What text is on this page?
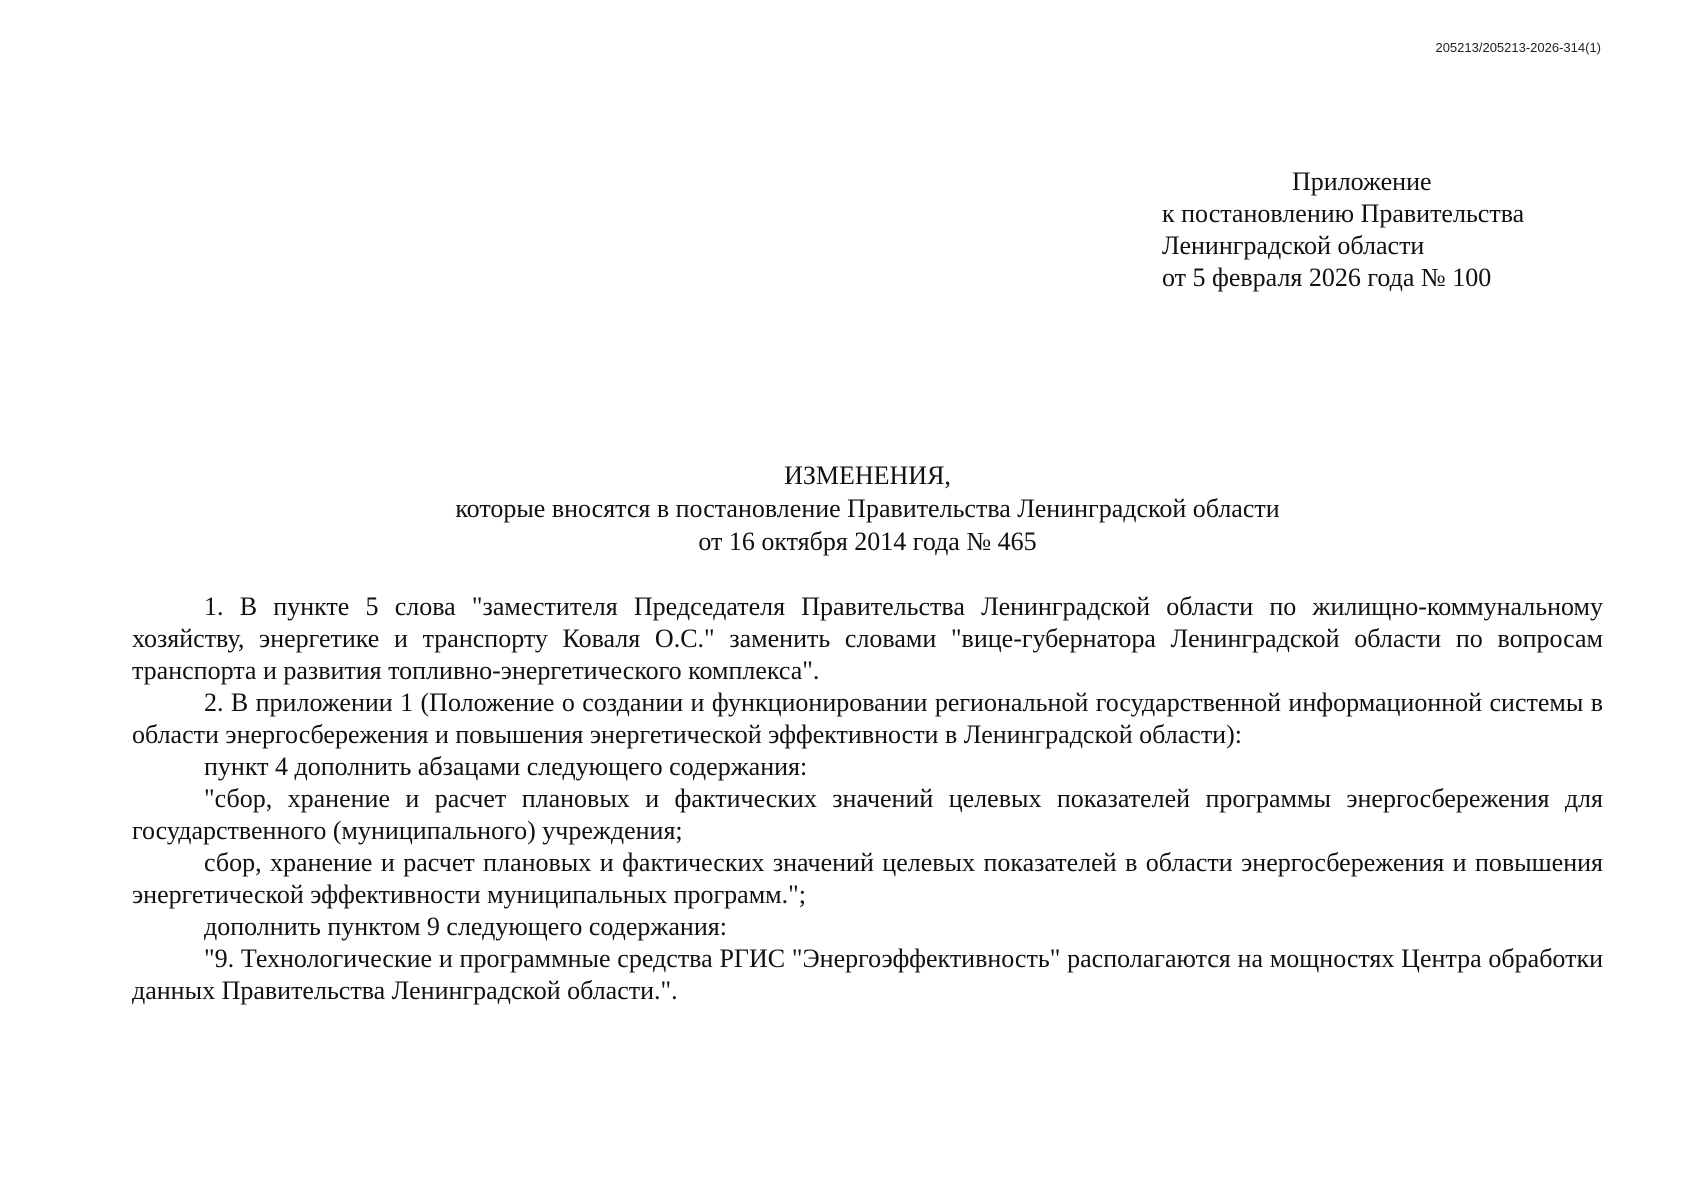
205213/205213-2026-314(1)
Приложение
к постановлению Правительства
Ленинградской области
от 5 февраля 2026 года № 100
ИЗМЕНЕНИЯ,
которые вносятся в постановление Правительства Ленинградской области
от 16 октября 2014 года № 465

1. В пункте 5 слова "заместителя Председателя Правительства Ленинградской области по жилищно-коммунальному хозяйству, энергетике и транспорту Коваля О.С." заменить словами "вице-губернатора Ленинградской области по вопросам транспорта и развития топливно-энергетического комплекса".

2. В приложении 1 (Положение о создании и функционировании региональной государственной информационной системы в области энергосбережения и повышения энергетической эффективности в Ленинградской области):

пункт 4 дополнить абзацами следующего содержания:

"сбор, хранение и расчет плановых и фактических значений целевых показателей программы энергосбережения для государственного (муниципального) учреждения;

сбор, хранение и расчет плановых и фактических значений целевых показателей в области энергосбережения и повышения энергетической эффективности муниципальных программ.";

дополнить пунктом 9 следующего содержания:

"9. Технологические и программные средства РГИС "Энергоэффективность" располагаются на мощностях Центра обработки данных Правительства Ленинградской области.".
